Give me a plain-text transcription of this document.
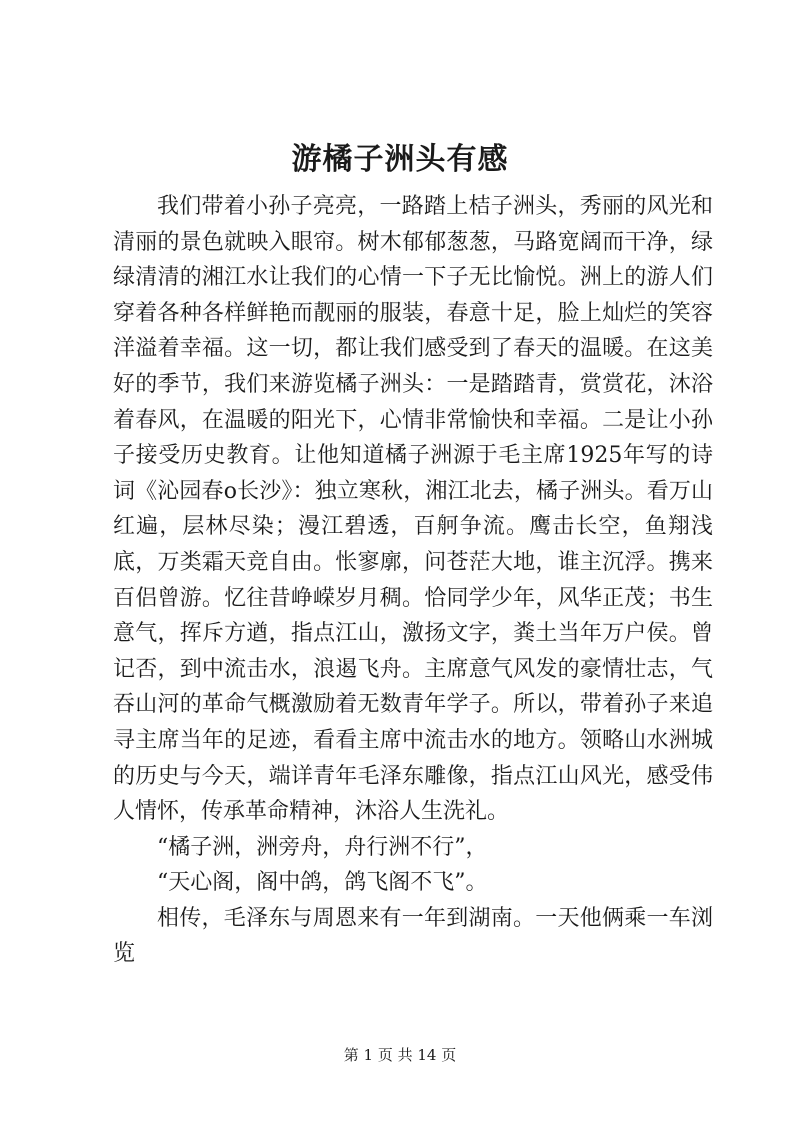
游橘子洲头有感

我们带着小孙子亮亮，一路踏上桔子洲头，秀丽的风光和清丽的景色就映入眼帘。树木郁郁葱葱，马路宽阔而干净，绿绿清清的湘江水让我们的心情一下子无比愉悦。洲上的游人们穿着各种各样鲜艳而靓丽的服装，春意十足，脸上灿烂的笑容洋溢着幸福。这一切，都让我们感受到了春天的温暖。在这美好的季节，我们来游览橘子洲头：一是踏踏青，赏赏花，沐浴着春风，在温暖的阳光下，心情非常愉快和幸福。二是让小孙子接受历史教育。让他知道橘子洲源于毛主席1925年写的诗词《沁园春o长沙》：独立寒秋，湘江北去，橘子洲头。看万山红遍，层林尽染；漫江碧透，百舸争流。鹰击长空，鱼翔浅底，万类霜天竞自由。怅寥廓，问苍茫大地，谁主沉浮。携来百侣曾游。忆往昔峥嵘岁月稠。恰同学少年，风华正茂；书生意气，挥斥方遒，指点江山，激扬文字，粪土当年万户侯。曾记否，到中流击水，浪遏飞舟。主席意气风发的豪情壮志，气吞山河的革命气概激励着无数青年学子。所以，带着孙子来追寻主席当年的足迹，看看主席中流击水的地方。领略山水洲城的历史与今天，端详青年毛泽东雕像，指点江山风光，感受伟人情怀，传承革命精神，沐浴人生洗礼。

“橘子洲，洲旁舟，舟行洲不行”，

“天心阁，阁中鸽，鸽飞阁不飞”。

相传，毛泽东与周恩来有一年到湖南。一天他俩乘一车浏览

第 1 页 共 14 页
